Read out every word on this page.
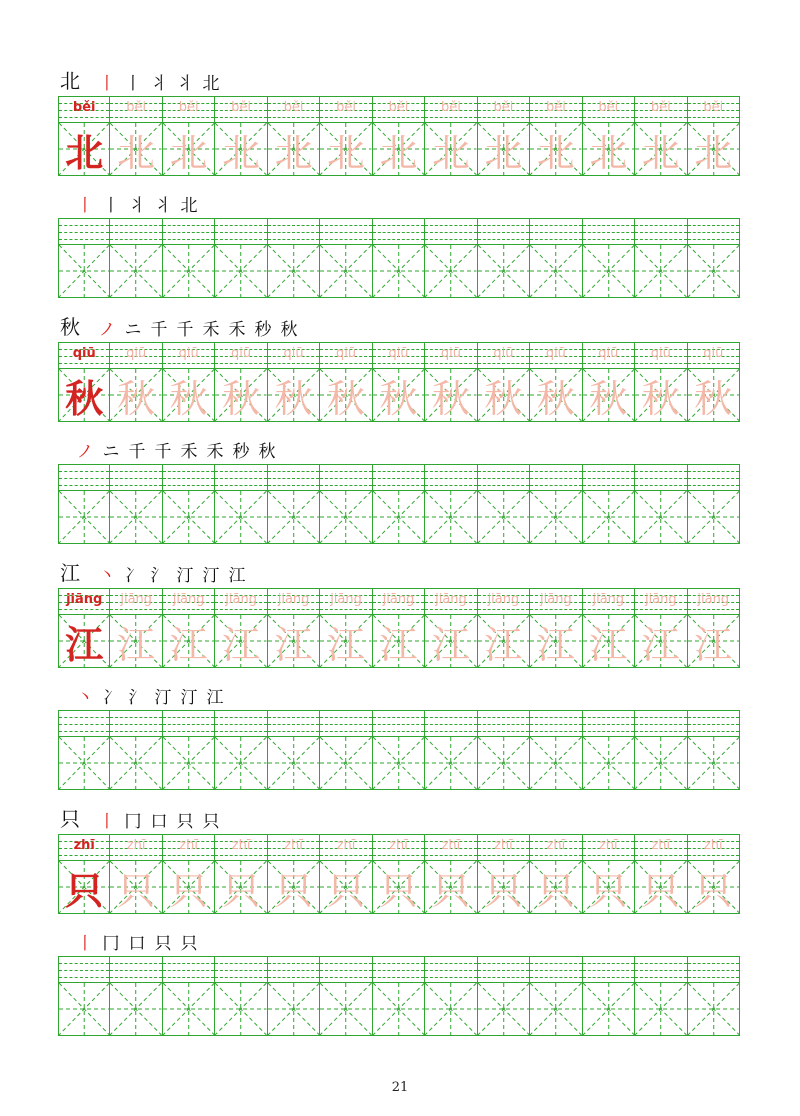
北 丨 丨 丬 丬 北
běi
北
běi
北
běi
北
běi
北
běi
北
běi
北
běi
北
běi
北
běi
北
běi
北
běi
北
běi
北
běi
北
丨 丨 丬 丬 北
秋 ノ ニ 千 千 禾 禾 秒 秋
qiū
秋
qiū
秋
qiū
秋
qiū
秋
qiū
秋
qiū
秋
qiū
秋
qiū
秋
qiū
秋
qiū
秋
qiū
秋
qiū
秋
qiū
秋
ノ ニ 千 千 禾 禾 秒 秋
江 丶 冫 氵 汀 汀 江
jiāng
江
jiāng
江
jiāng
江
jiāng
江
jiāng
江
jiāng
江
jiāng
江
jiāng
江
jiāng
江
jiāng
江
jiāng
江
jiāng
江
jiāng
江
丶 冫 氵 汀 汀 江
只 丨 冂 口 只 只
zhī
只
zhī
只
zhī
只
zhī
只
zhī
只
zhī
只
zhī
只
zhī
只
zhī
只
zhī
只
zhī
只
zhī
只
zhī
只
丨 冂 口 只 只
21
